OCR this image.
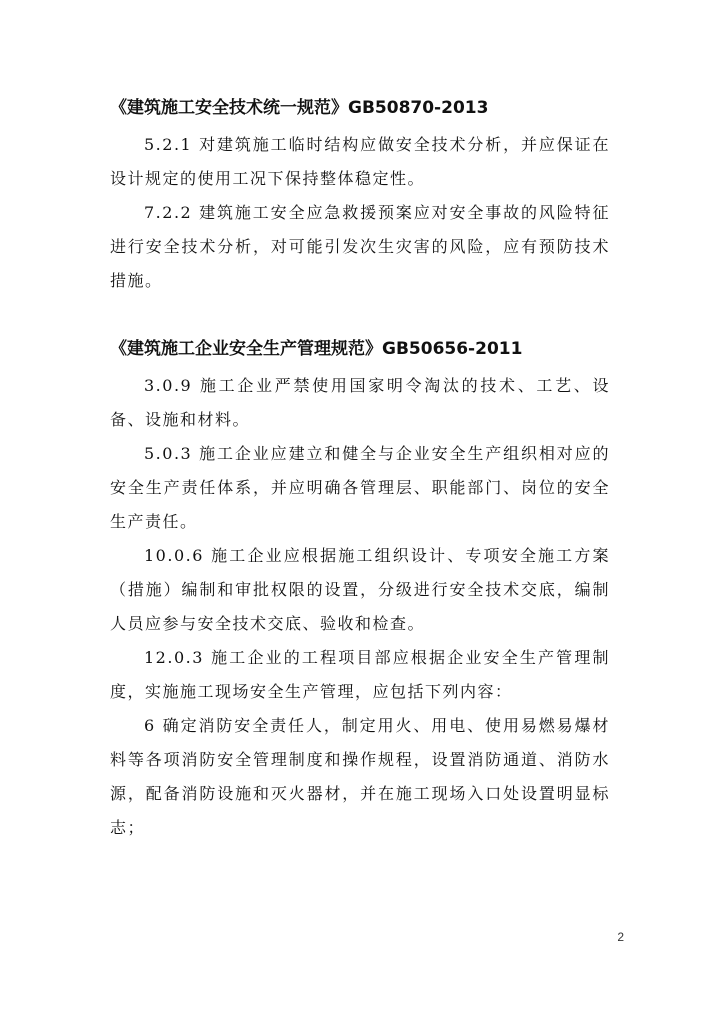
《建筑施工安全技术统一规范》GB50870-2013

5.2.1 对建筑施工临时结构应做安全技术分析，并应保证在设计规定的使用工况下保持整体稳定性。

7.2.2 建筑施工安全应急救援预案应对安全事故的风险特征进行安全技术分析，对可能引发次生灾害的风险，应有预防技术措施。

《建筑施工企业安全生产管理规范》GB50656-2011

3.0.9 施工企业严禁使用国家明令淘汰的技术、工艺、设备、设施和材料。

5.0.3 施工企业应建立和健全与企业安全生产组织相对应的安全生产责任体系，并应明确各管理层、职能部门、岗位的安全生产责任。

10.0.6 施工企业应根据施工组织设计、专项安全施工方案（措施）编制和审批权限的设置，分级进行安全技术交底，编制人员应参与安全技术交底、验收和检查。

12.0.3 施工企业的工程项目部应根据企业安全生产管理制度，实施施工现场安全生产管理，应包括下列内容：

6 确定消防安全责任人，制定用火、用电、使用易燃易爆材料等各项消防安全管理制度和操作规程，设置消防通道、消防水源，配备消防设施和灭火器材，并在施工现场入口处设置明显标志；

2
